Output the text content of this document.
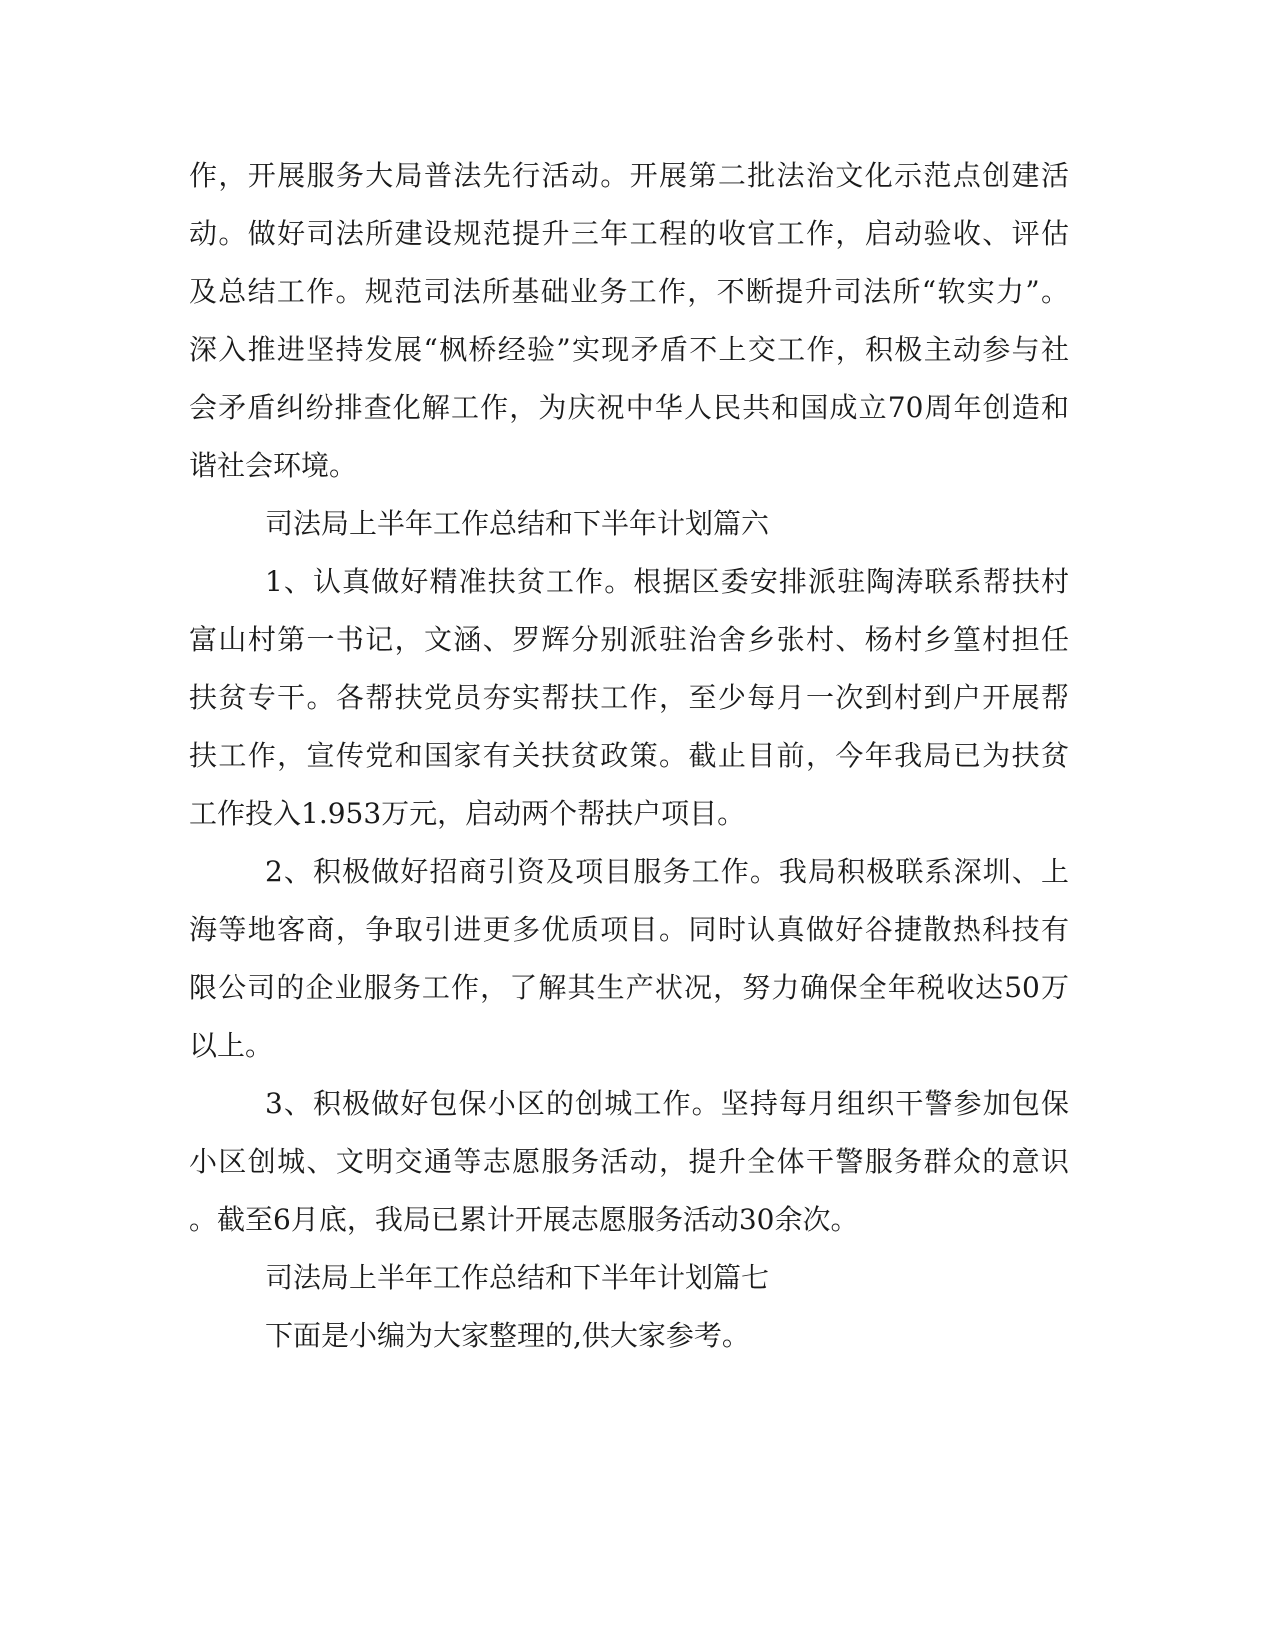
作，开展服务大局普法先行活动。开展第二批法治文化示范点创建活
动。做好司法所建设规范提升三年工程的收官工作，启动验收、评估
及总结工作。规范司法所基础业务工作，不断提升司法所“软实力”。
深入推进坚持发展“枫桥经验”实现矛盾不上交工作，积极主动参与社
会矛盾纠纷排查化解工作，为庆祝中华人民共和国成立70周年创造和
谐社会环境。
司法局上半年工作总结和下半年计划篇六
1、认真做好精准扶贫工作。根据区委安排派驻陶涛联系帮扶村
富山村第一书记，文涵、罗辉分别派驻治舍乡张村、杨村乡篁村担任
扶贫专干。各帮扶党员夯实帮扶工作，至少每月一次到村到户开展帮
扶工作，宣传党和国家有关扶贫政策。截止目前，今年我局已为扶贫
工作投入1.953万元，启动两个帮扶户项目。
2、积极做好招商引资及项目服务工作。我局积极联系深圳、上
海等地客商，争取引进更多优质项目。同时认真做好谷捷散热科技有
限公司的企业服务工作，了解其生产状况，努力确保全年税收达50万
以上。
3、积极做好包保小区的创城工作。坚持每月组织干警参加包保
小区创城、文明交通等志愿服务活动，提升全体干警服务群众的意识
。截至6月底，我局已累计开展志愿服务活动30余次。
司法局上半年工作总结和下半年计划篇七
下面是小编为大家整理的,供大家参考。
